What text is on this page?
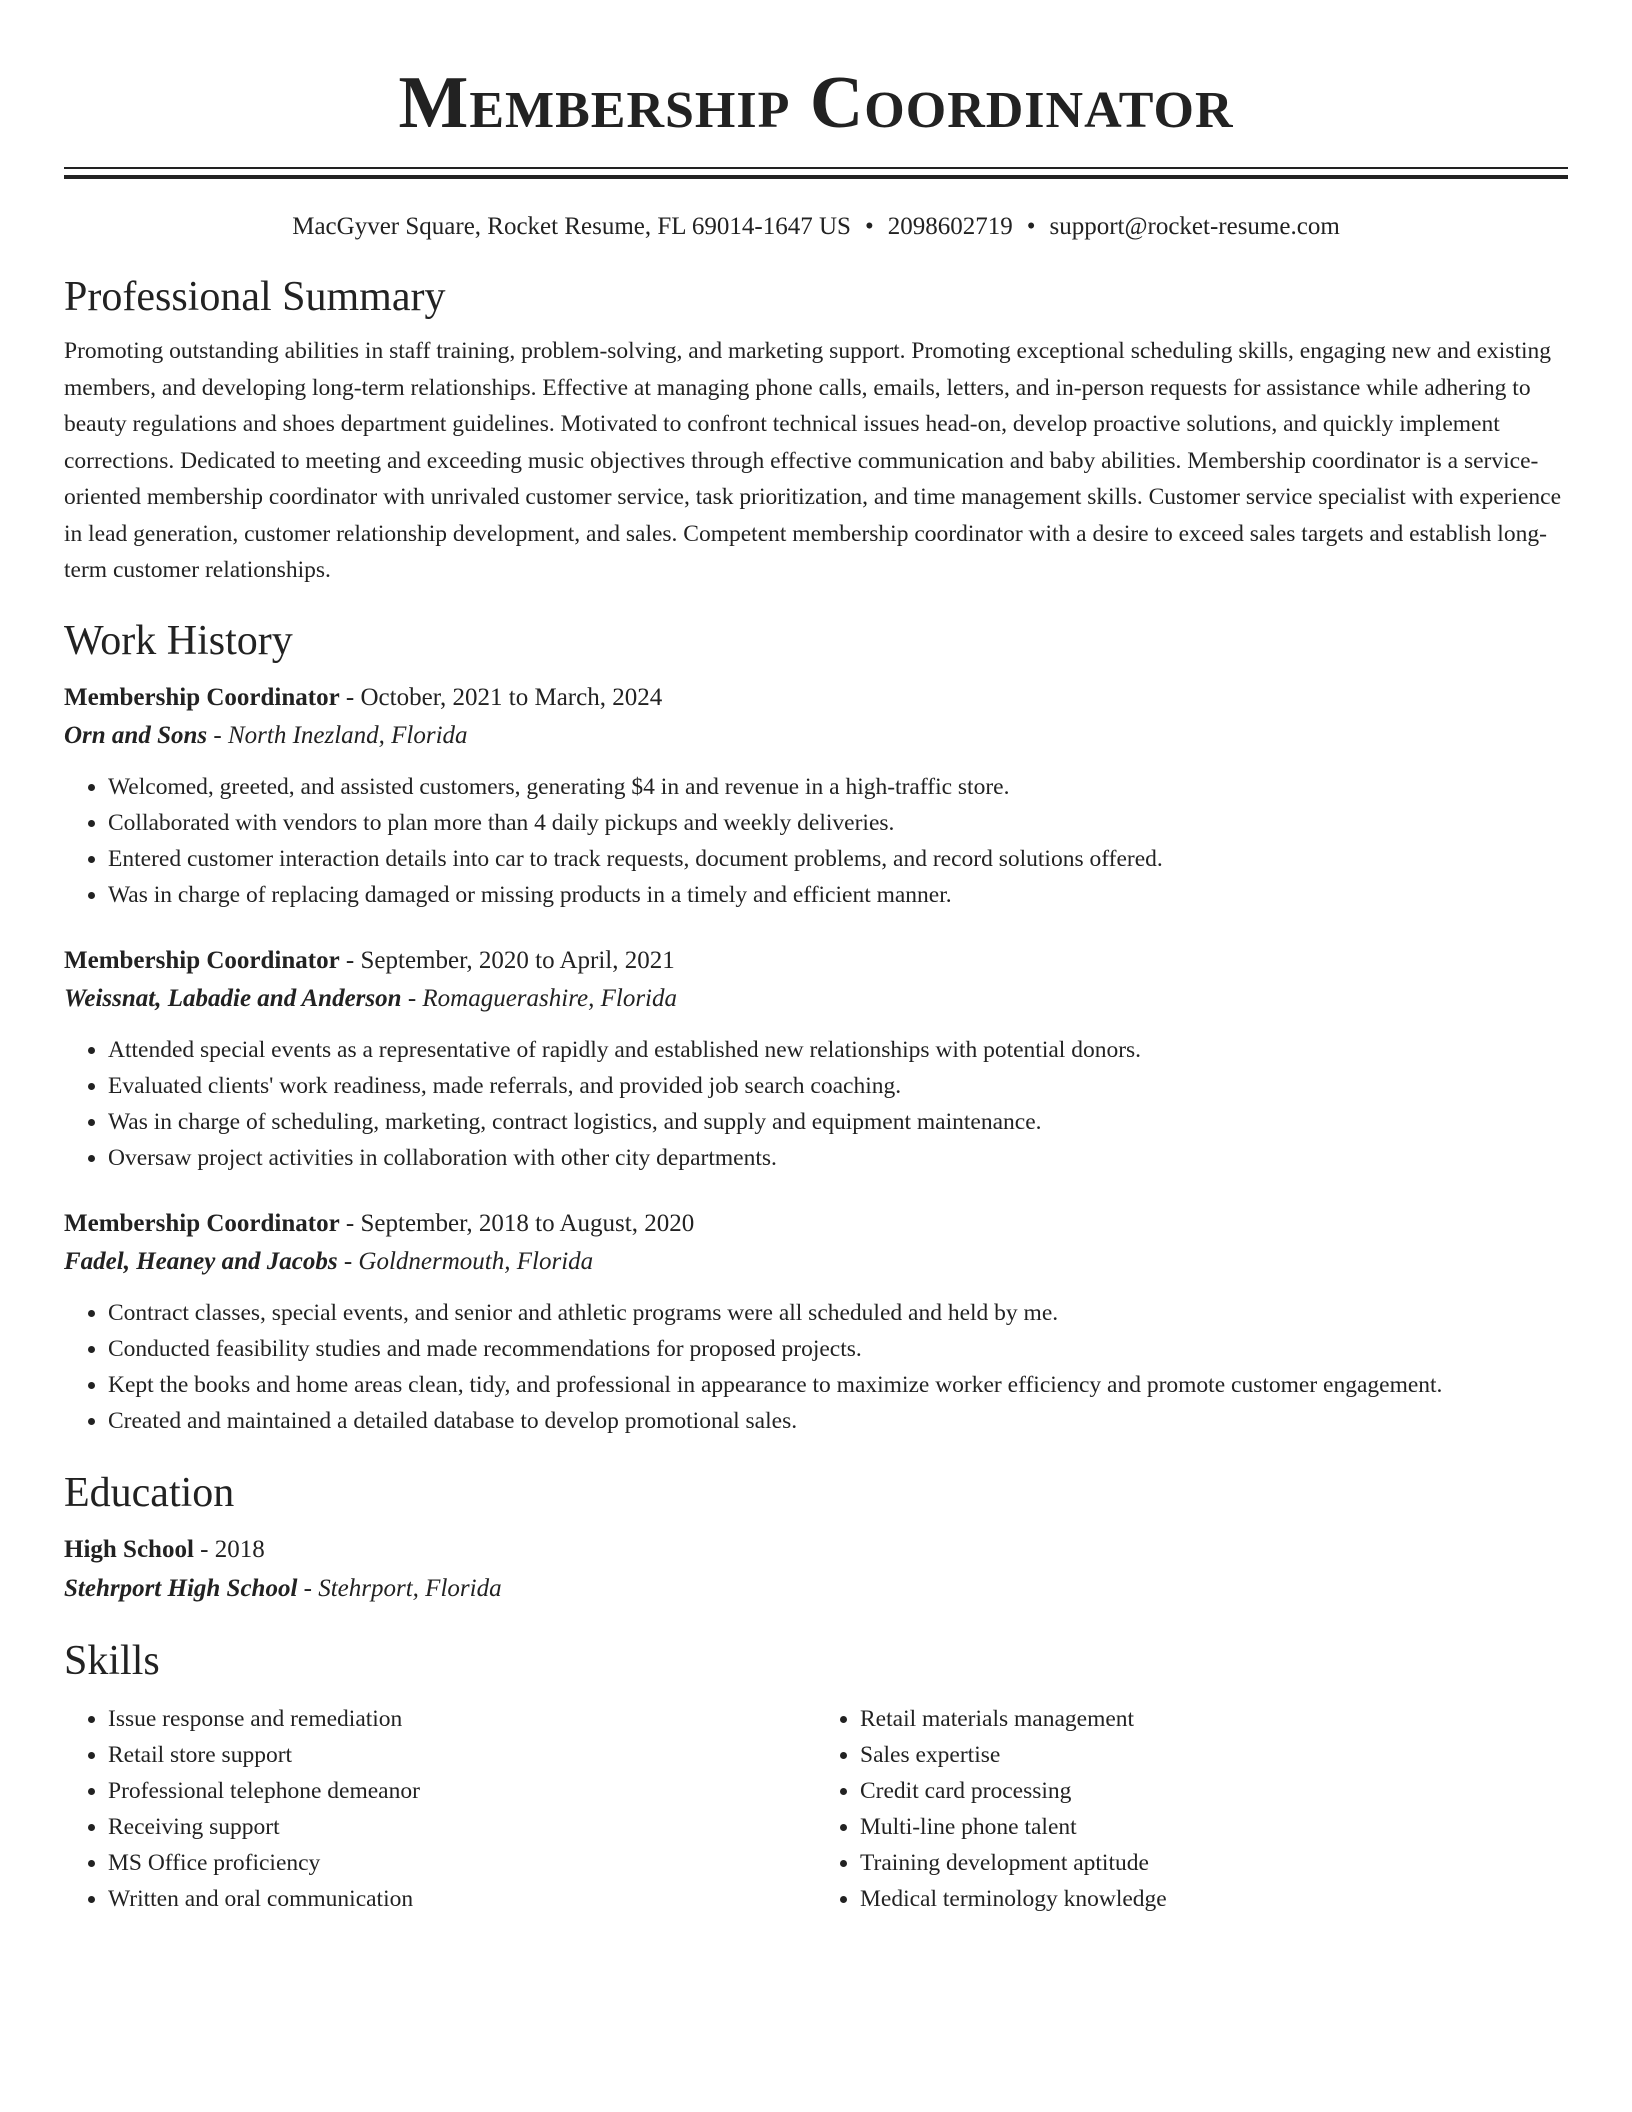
Membership Coordinator
MacGyver Square, Rocket Resume, FL 69014-1647 US • 2098602719 • support@rocket-resume.com
Professional Summary

Promoting outstanding abilities in staff training, problem-solving, and marketing support. Promoting exceptional scheduling skills, engaging new and existing members, and developing long-term relationships. Effective at managing phone calls, emails, letters, and in-person requests for assistance while adhering to beauty regulations and shoes department guidelines. Motivated to confront technical issues head-on, develop proactive solutions, and quickly implement corrections. Dedicated to meeting and exceeding music objectives through effective communication and baby abilities. Membership coordinator is a service-oriented membership coordinator with unrivaled customer service, task prioritization, and time management skills. Customer service specialist with experience in lead generation, customer relationship development, and sales. Competent membership coordinator with a desire to exceed sales targets and establish long-term customer relationships.

Work History
Membership Coordinator - October, 2021 to March, 2024
Orn and Sons - North Inezland, Florida
• Welcomed, greeted, and assisted customers, generating $4 in and revenue in a high-traffic store.
• Collaborated with vendors to plan more than 4 daily pickups and weekly deliveries.
• Entered customer interaction details into car to track requests, document problems, and record solutions offered.
• Was in charge of replacing damaged or missing products in a timely and efficient manner.
Membership Coordinator - September, 2020 to April, 2021
Weissnat, Labadie and Anderson - Romaguerashire, Florida
• Attended special events as a representative of rapidly and established new relationships with potential donors.
• Evaluated clients' work readiness, made referrals, and provided job search coaching.
• Was in charge of scheduling, marketing, contract logistics, and supply and equipment maintenance.
• Oversaw project activities in collaboration with other city departments.
Membership Coordinator - September, 2018 to August, 2020
Fadel, Heaney and Jacobs - Goldnermouth, Florida
• Contract classes, special events, and senior and athletic programs were all scheduled and held by me.
• Conducted feasibility studies and made recommendations for proposed projects.
• Kept the books and home areas clean, tidy, and professional in appearance to maximize worker efficiency and promote customer engagement.
• Created and maintained a detailed database to develop promotional sales.
Education
High School - 2018
Stehrport High School - Stehrport, Florida
Skills
• Issue response and remediation
• Retail store support
• Professional telephone demeanor
• Receiving support
• MS Office proficiency
• Written and oral communication
• Retail materials management
• Sales expertise
• Credit card processing
• Multi-line phone talent
• Training development aptitude
• Medical terminology knowledge
